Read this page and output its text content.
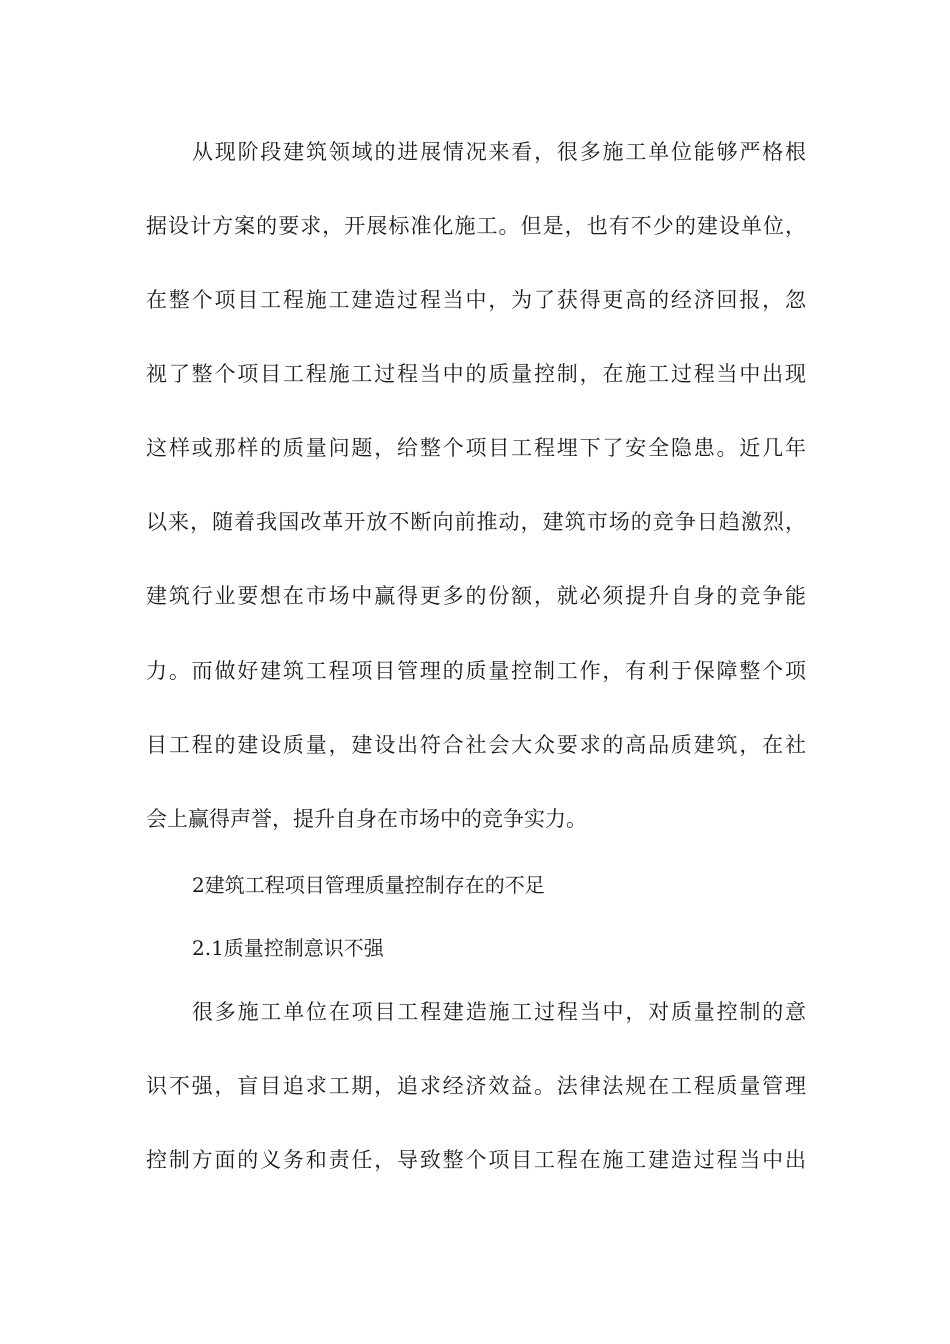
从现阶段建筑领域的进展情况来看，很多施工单位能够严格根
据设计方案的要求，开展标准化施工。但是，也有不少的建设单位，
在整个项目工程施工建造过程当中，为了获得更高的经济回报，忽
视了整个项目工程施工过程当中的质量控制，在施工过程当中出现
这样或那样的质量问题，给整个项目工程埋下了安全隐患。近几年
以来，随着我国改革开放不断向前推动，建筑市场的竞争日趋激烈，
建筑行业要想在市场中赢得更多的份额，就必须提升自身的竞争能
力。而做好建筑工程项目管理的质量控制工作，有利于保障整个项
目工程的建设质量，建设出符合社会大众要求的高品质建筑，在社
会上赢得声誉，提升自身在市场中的竞争实力。
2建筑工程项目管理质量控制存在的不足
2.1质量控制意识不强
很多施工单位在项目工程建造施工过程当中，对质量控制的意
识不强，盲目追求工期，追求经济效益。法律法规在工程质量管理
控制方面的义务和责任，导致整个项目工程在施工建造过程当中出
